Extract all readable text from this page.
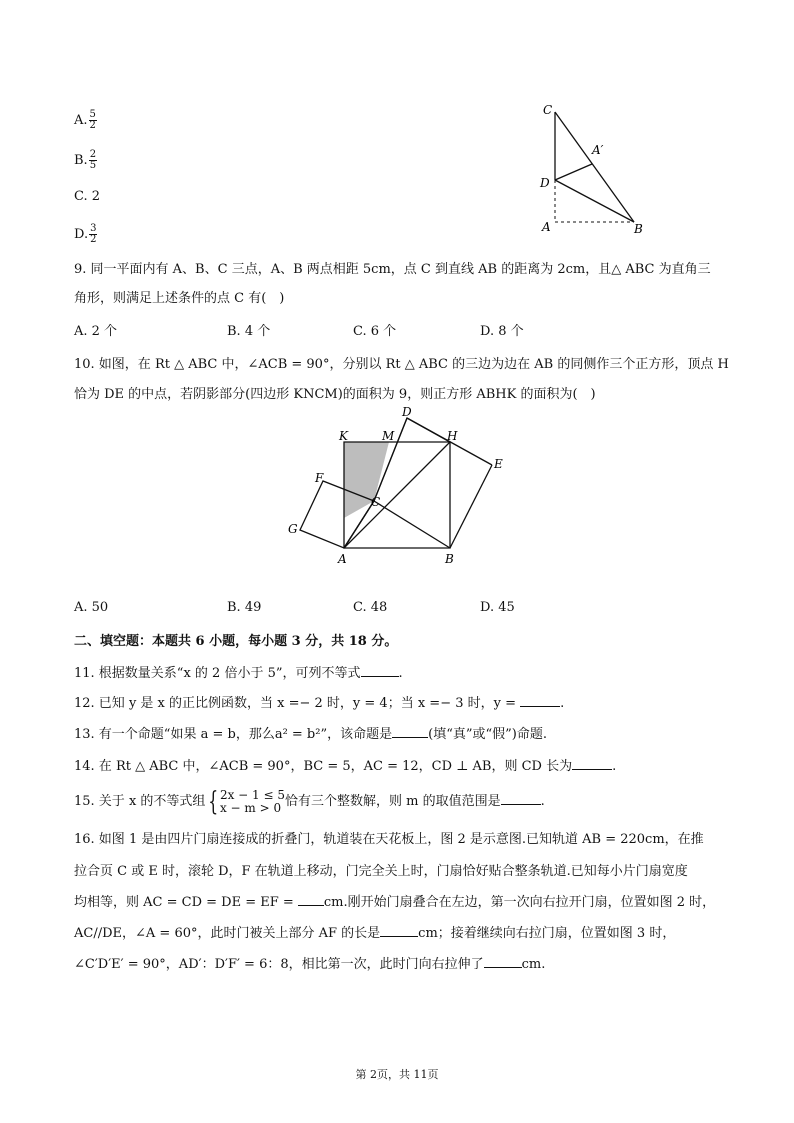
A. $\frac{5}{2}$
B. $\frac{2}{5}$
C. 2
D. $\frac{3}{2}$
C
A′
D
A	B
9. 同一平面内有 A、B、C 三点，A、B 两点相距 5cm，点 C 到直线 AB 的距离为 2cm，且△ ABC 为直角三
角形，则满足上述条件的点 C 有(　)
A. 2 个	B. 4 个	C. 6 个	D. 8 个
10. 如图，在 Rt △ ABC 中，∠ACB = 90°，分别以 Rt △ ABC 的三边为边在 AB 的同侧作三个正方形，顶点 H
恰为 DE 的中点，若阴影部分(四边形 KNCM)的面积为 9，则正方形 ABHK 的面积为(　)
K	M
D
H
E
F
C
G
A	B
A. 50	B. 49	C. 48	D. 45
二、填空题：本题共 6 小题，每小题 3 分，共 18 分。
11. 根据数量关系“x 的 2 倍小于 5”，可列不等式	.
12. 已知 y 是 x 的正比例函数，当 x =− 2 时，y = 4；当 x =− 3 时，y =	.
13. 有一个命题“如果 a = b，那么a² = b²”，该命题是	(填“真”或“假”)命题.
14. 在 Rt △ ABC 中，∠ACB = 90°，BC = 5，AC = 12，CD ⊥ AB，则 CD 长为	.
15. 关于 x 的不等式组 { 2x − 1 ≤ 5
x − m > 0 恰有三个整数解，则 m 的取值范围是	.
16. 如图 1 是由四片门扇连接成的折叠门，轨道装在天花板上，图 2 是示意图.已知轨道 AB = 220cm，在推
拉合页 C 或 E 时，滚轮 D，F 在轨道上移动，门完全关上时，门扇恰好贴合整条轨道.已知每小片门扇宽度
均相等，则 AC = CD = DE = EF = cm.刚开始门扇叠合在左边，第一次向右拉开门扇，位置如图 2 时，
AC//DE，∠A = 60°，此时门被关上部分 AF 的长是	cm；接着继续向右拉门扇，位置如图 3 时，
∠C′D′E′ = 90°，AD′：D′F′ = 6：8，相比第一次，此时门向右拉伸了	cm.
第 2页，共 11页
